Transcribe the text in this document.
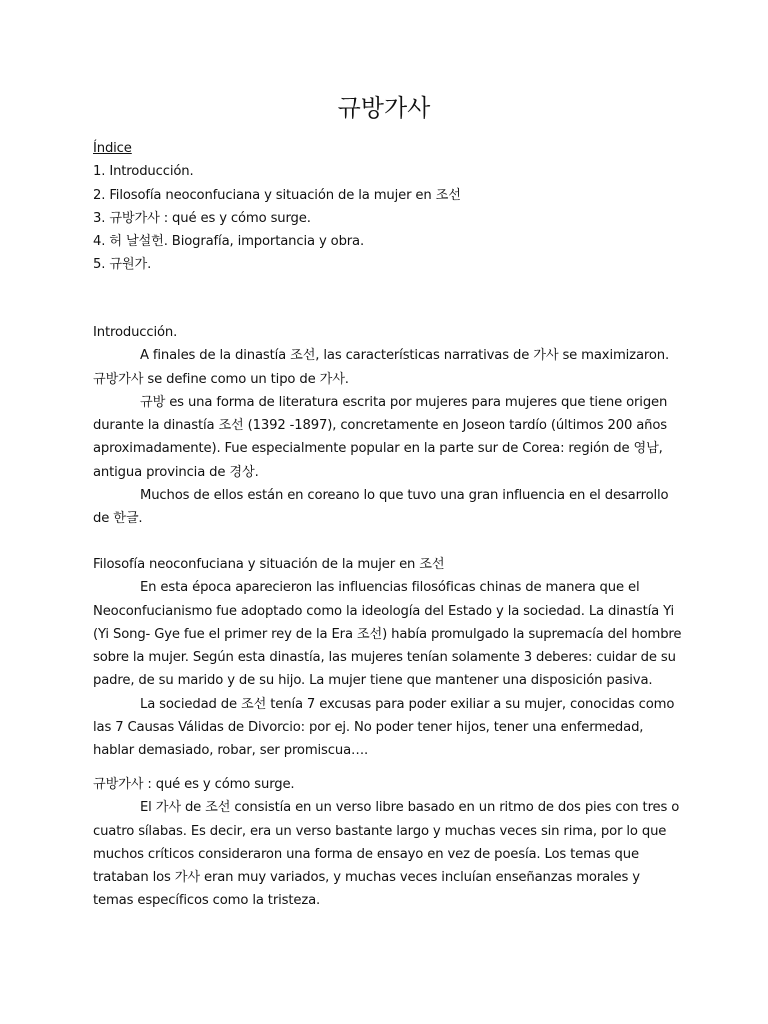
규방가사
Índice
1. Introducción.
2. Filosofía neoconfuciana y situación de la mujer en 조선
3. 규방가사 : qué es y cómo surge.
4. 허 날설헌. Biografía, importancia y obra.
5. 규원가.
Introducción.

A finales de la dinastía 조선, las características narrativas de 가사 se maximizaron. 규방가사 se define como un tipo de 가사.

규방 es una forma de literatura escrita por mujeres para mujeres que tiene origen durante la dinastía 조선 (1392 -1897), concretamente en Joseon tardío (últimos 200 años aproximadamente). Fue especialmente popular en la parte sur de Corea: región de 영남, antigua provincia de 경상.

Muchos de ellos están en coreano lo que tuvo una gran influencia en el desarrollo de 한글.

Filosofía neoconfuciana y situación de la mujer en 조선

En esta época aparecieron las influencias filosóficas chinas de manera que el Neoconfucianismo fue adoptado como la ideología del Estado y la sociedad. La dinastía Yi (Yi Song- Gye fue el primer rey de la Era 조선) había promulgado la supremacía del hombre sobre la mujer. Según esta dinastía, las mujeres tenían solamente 3 deberes: cuidar de su padre, de su marido y de su hijo. La mujer tiene que mantener una disposición pasiva.

La sociedad de 조선 tenía 7 excusas para poder exiliar a su mujer, conocidas como las 7 Causas Válidas de Divorcio: por ej. No poder tener hijos, tener una enfermedad, hablar demasiado, robar, ser promiscua….

규방가사 : qué es y cómo surge.

El 가사 de 조선 consistía en un verso libre basado en un ritmo de dos pies con tres o cuatro sílabas. Es decir, era un verso bastante largo y muchas veces sin rima, por lo que muchos críticos consideraron una forma de ensayo en vez de poesía. Los temas que trataban los 가사 eran muy variados, y muchas veces incluían enseñanzas morales y temas específicos como la tristeza.
